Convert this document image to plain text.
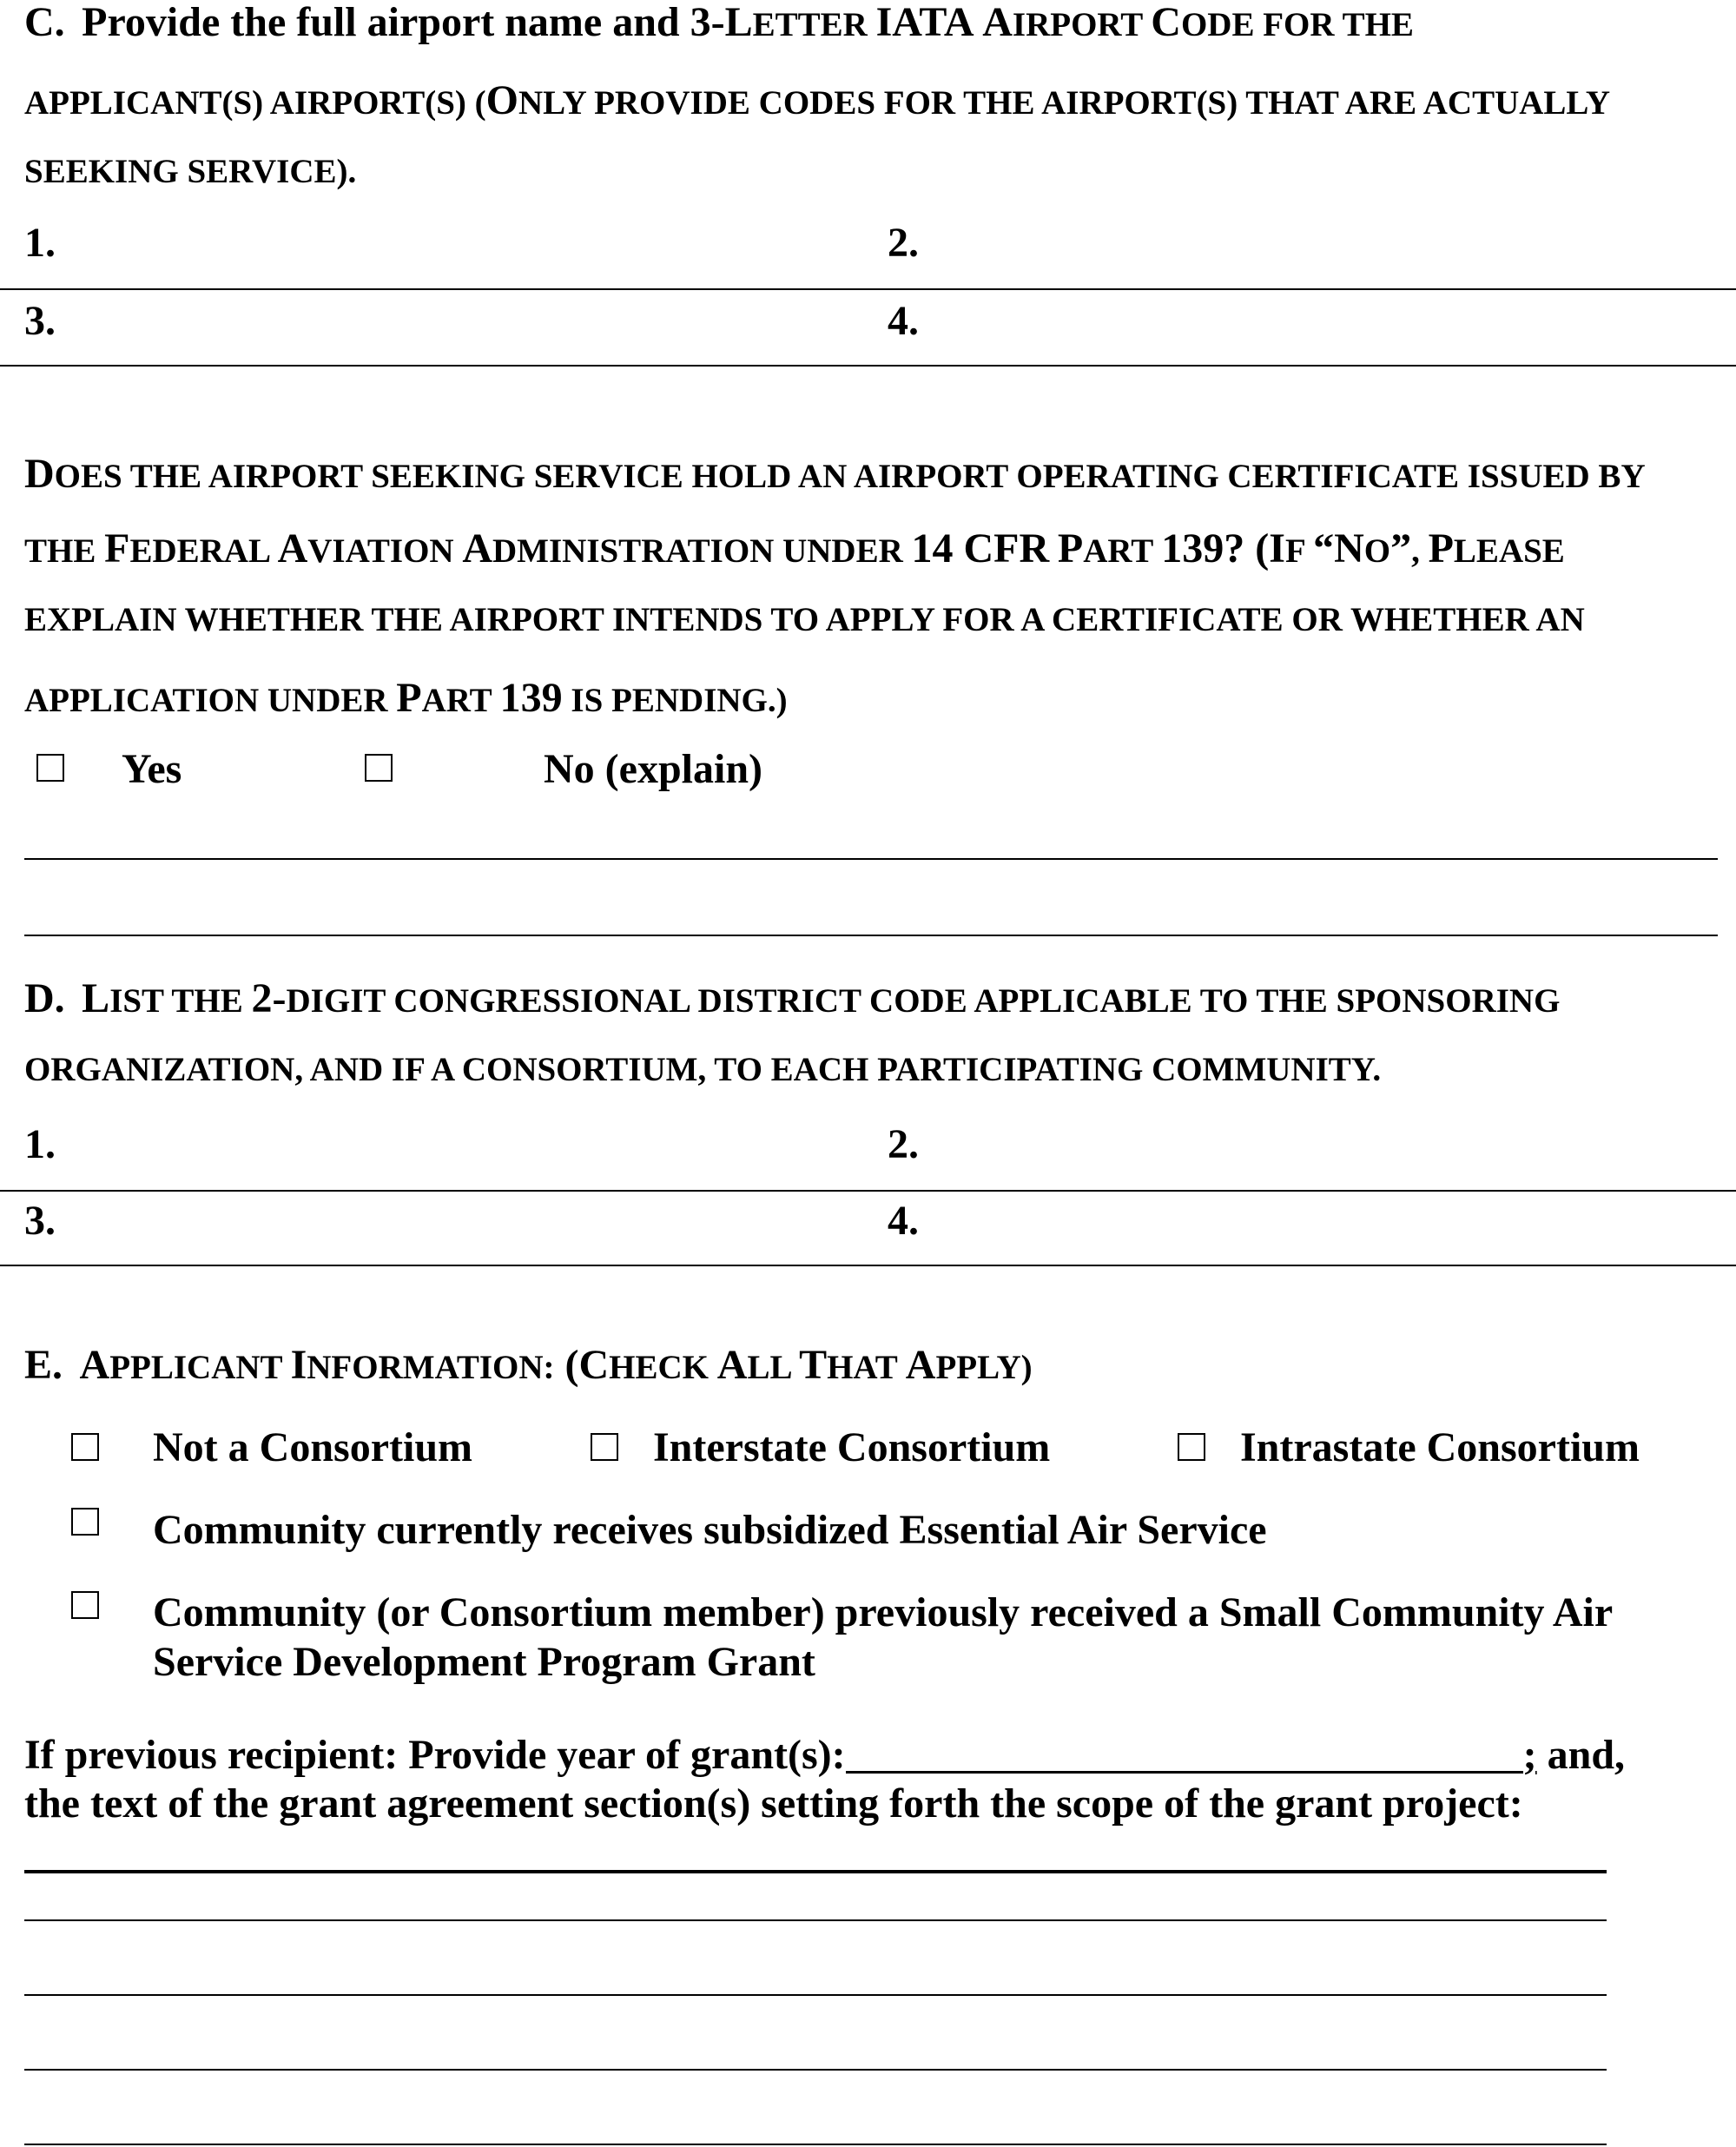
C. Provide the full airport name and 3-LETTER IATA AIRPORT CODE FOR THE
APPLICANT(S) AIRPORT(S) (ONLY PROVIDE CODES FOR THE AIRPORT(S) THAT ARE ACTUALLY
SEEKING SERVICE).
1.	2.
3.	4.
DOES THE AIRPORT SEEKING SERVICE HOLD AN AIRPORT OPERATING CERTIFICATE ISSUED BY
THE FEDERAL AVIATION ADMINISTRATION UNDER 14 CFR PART 139? (IF “NO”, PLEASE
EXPLAIN WHETHER THE AIRPORT INTENDS TO APPLY FOR A CERTIFICATE OR WHETHER AN
APPLICATION UNDER PART 139 IS PENDING.)
Yes	No (explain)
D. LIST THE 2-DIGIT CONGRESSIONAL DISTRICT CODE APPLICABLE TO THE SPONSORING
ORGANIZATION, AND IF A CONSORTIUM, TO EACH PARTICIPATING COMMUNITY.
1.	2.
3.	4.
E. APPLICANT INFORMATION: (CHECK ALL THAT APPLY)
Not a Consortium	Interstate Consortium	Intrastate Consortium
Community currently receives subsidized Essential Air Service
Community (or Consortium member) previously received a Small Community Air
Service Development Program Grant
If previous recipient: Provide year of grant(s):	; and,
the text of the grant agreement section(s) setting forth the scope of the grant project:
